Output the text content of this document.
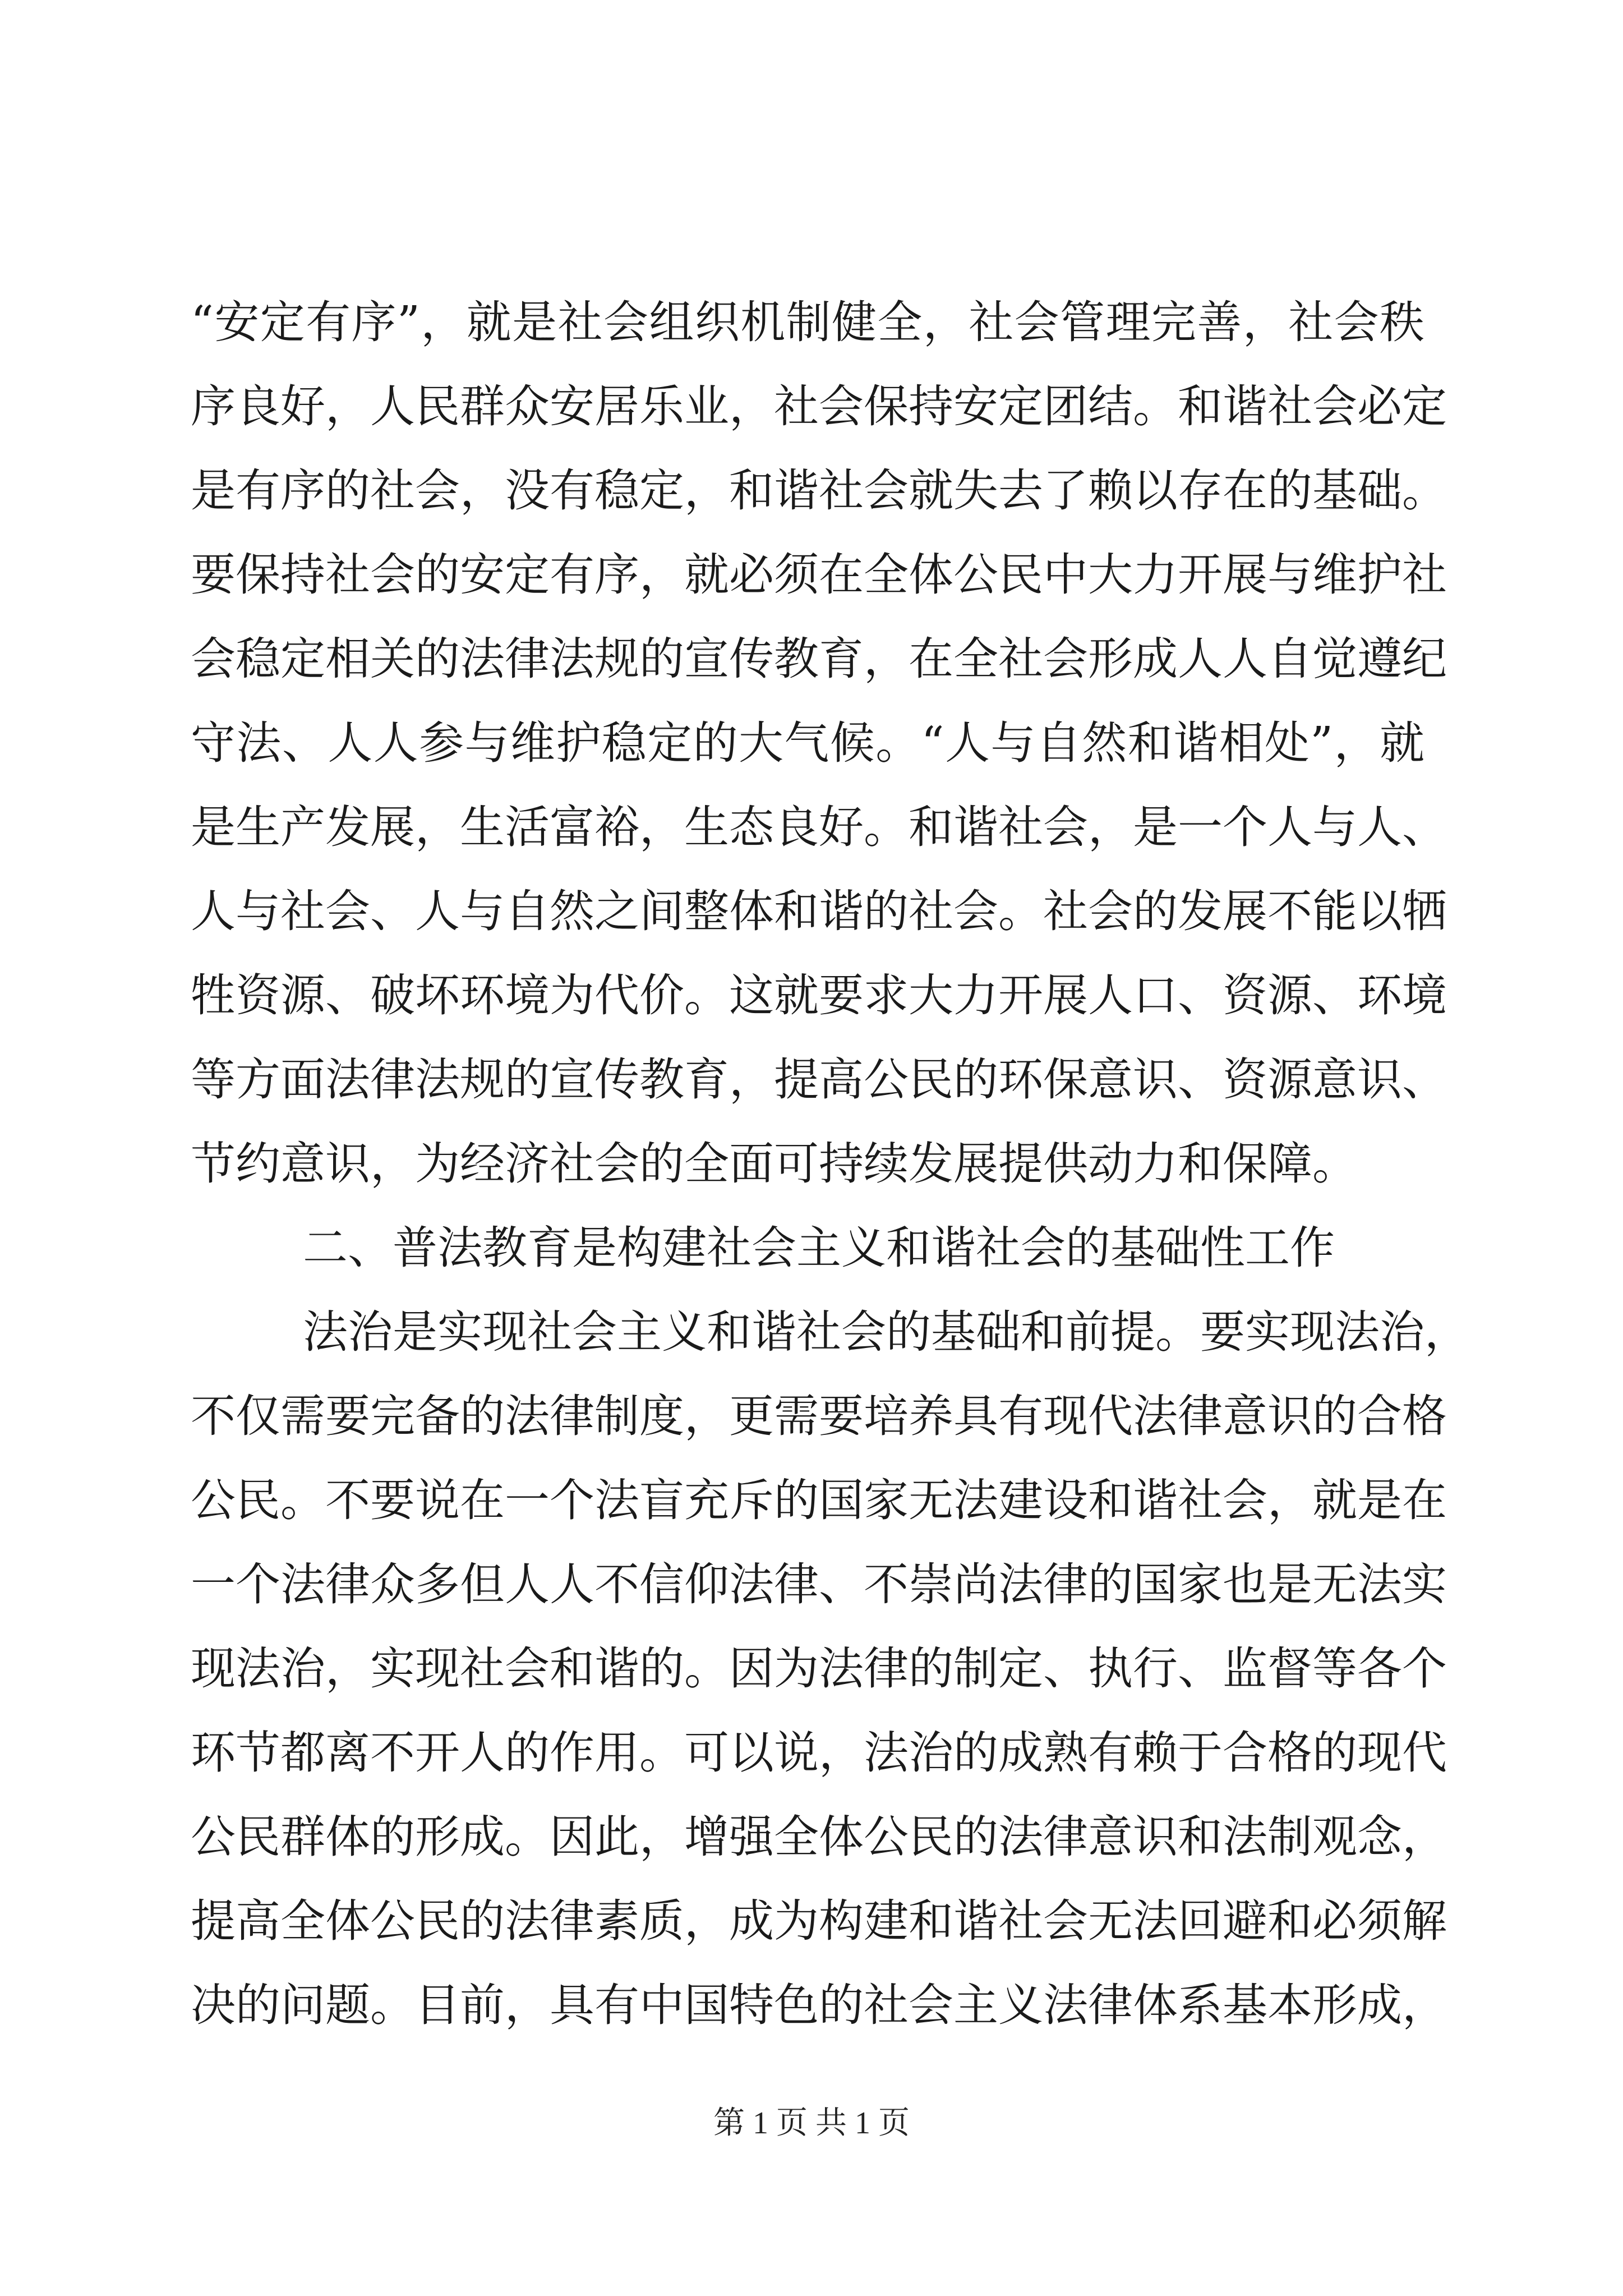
“安定有序”，就是社会组织机制健全，社会管理完善，社会秩
序良好，人民群众安居乐业，社会保持安定团结。和谐社会必定
是有序的社会，没有稳定，和谐社会就失去了赖以存在的基础。
要保持社会的安定有序，就必须在全体公民中大力开展与维护社
会稳定相关的法律法规的宣传教育，在全社会形成人人自觉遵纪
守法、人人参与维护稳定的大气候。“人与自然和谐相处”，就
是生产发展，生活富裕，生态良好。和谐社会，是一个人与人、
人与社会、人与自然之间整体和谐的社会。社会的发展不能以牺
牲资源、破坏环境为代价。这就要求大力开展人口、资源、环境
等方面法律法规的宣传教育，提高公民的环保意识、资源意识、
节约意识，为经济社会的全面可持续发展提供动力和保障。
二、普法教育是构建社会主义和谐社会的基础性工作
法治是实现社会主义和谐社会的基础和前提。要实现法治，
不仅需要完备的法律制度，更需要培养具有现代法律意识的合格
公民。不要说在一个法盲充斥的国家无法建设和谐社会，就是在
一个法律众多但人人不信仰法律、不崇尚法律的国家也是无法实
现法治，实现社会和谐的。因为法律的制定、执行、监督等各个
环节都离不开人的作用。可以说，法治的成熟有赖于合格的现代
公民群体的形成。因此，增强全体公民的法律意识和法制观念，
提高全体公民的法律素质，成为构建和谐社会无法回避和必须解
决的问题。目前，具有中国特色的社会主义法律体系基本形成，
第 1 页 共 1 页
